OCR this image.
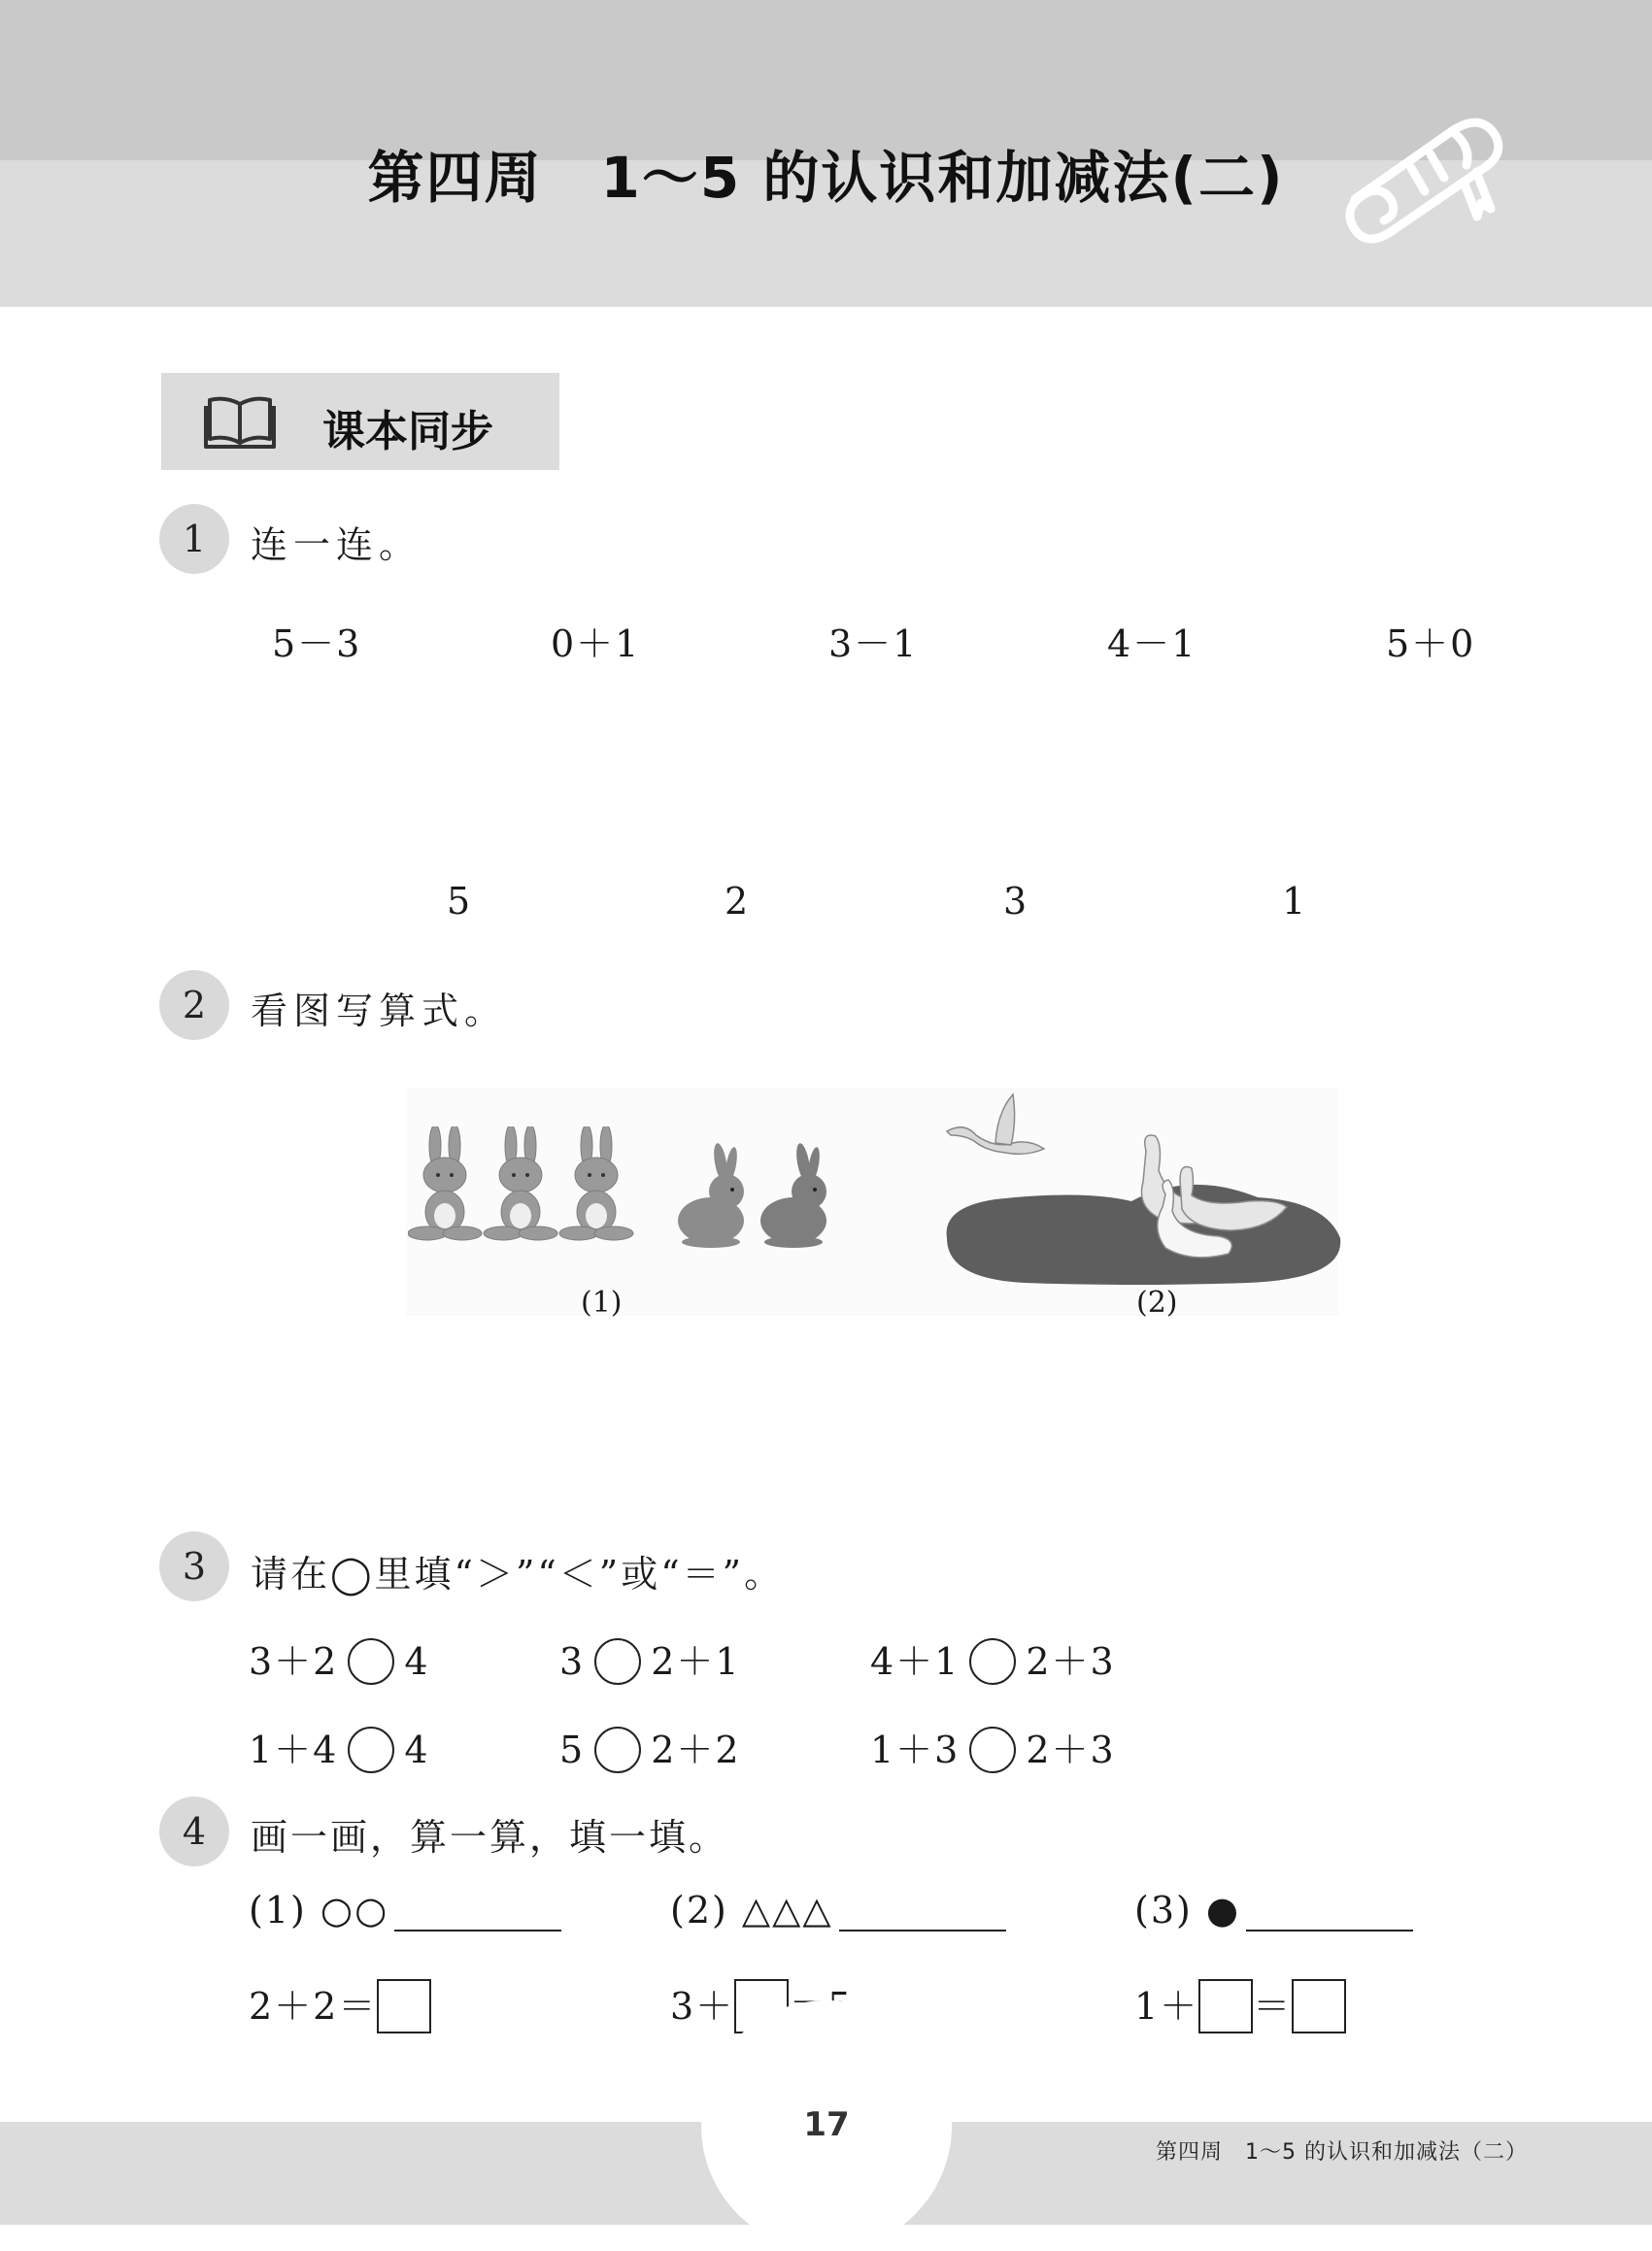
第四周　1～5 的认识和加减法(二)
课本同步
1	连一连。
5－3	0＋1	3－1	4－1	5＋0
5	2	3	1
2	看图写算式。
(1)	(2)
3	请在◯里填“＞”“＜”或“＝”。
3＋2 4	3 2＋1	4＋1 2＋3
1＋4 4	5 2＋2	1＋3 2＋3
4	画一画，算一算，填一填。
(1) ○○	(2) △△△	(3) ●
2＋2＝	3＋	1＋ ＝
17
第四周　1～5 的认识和加减法（二）
